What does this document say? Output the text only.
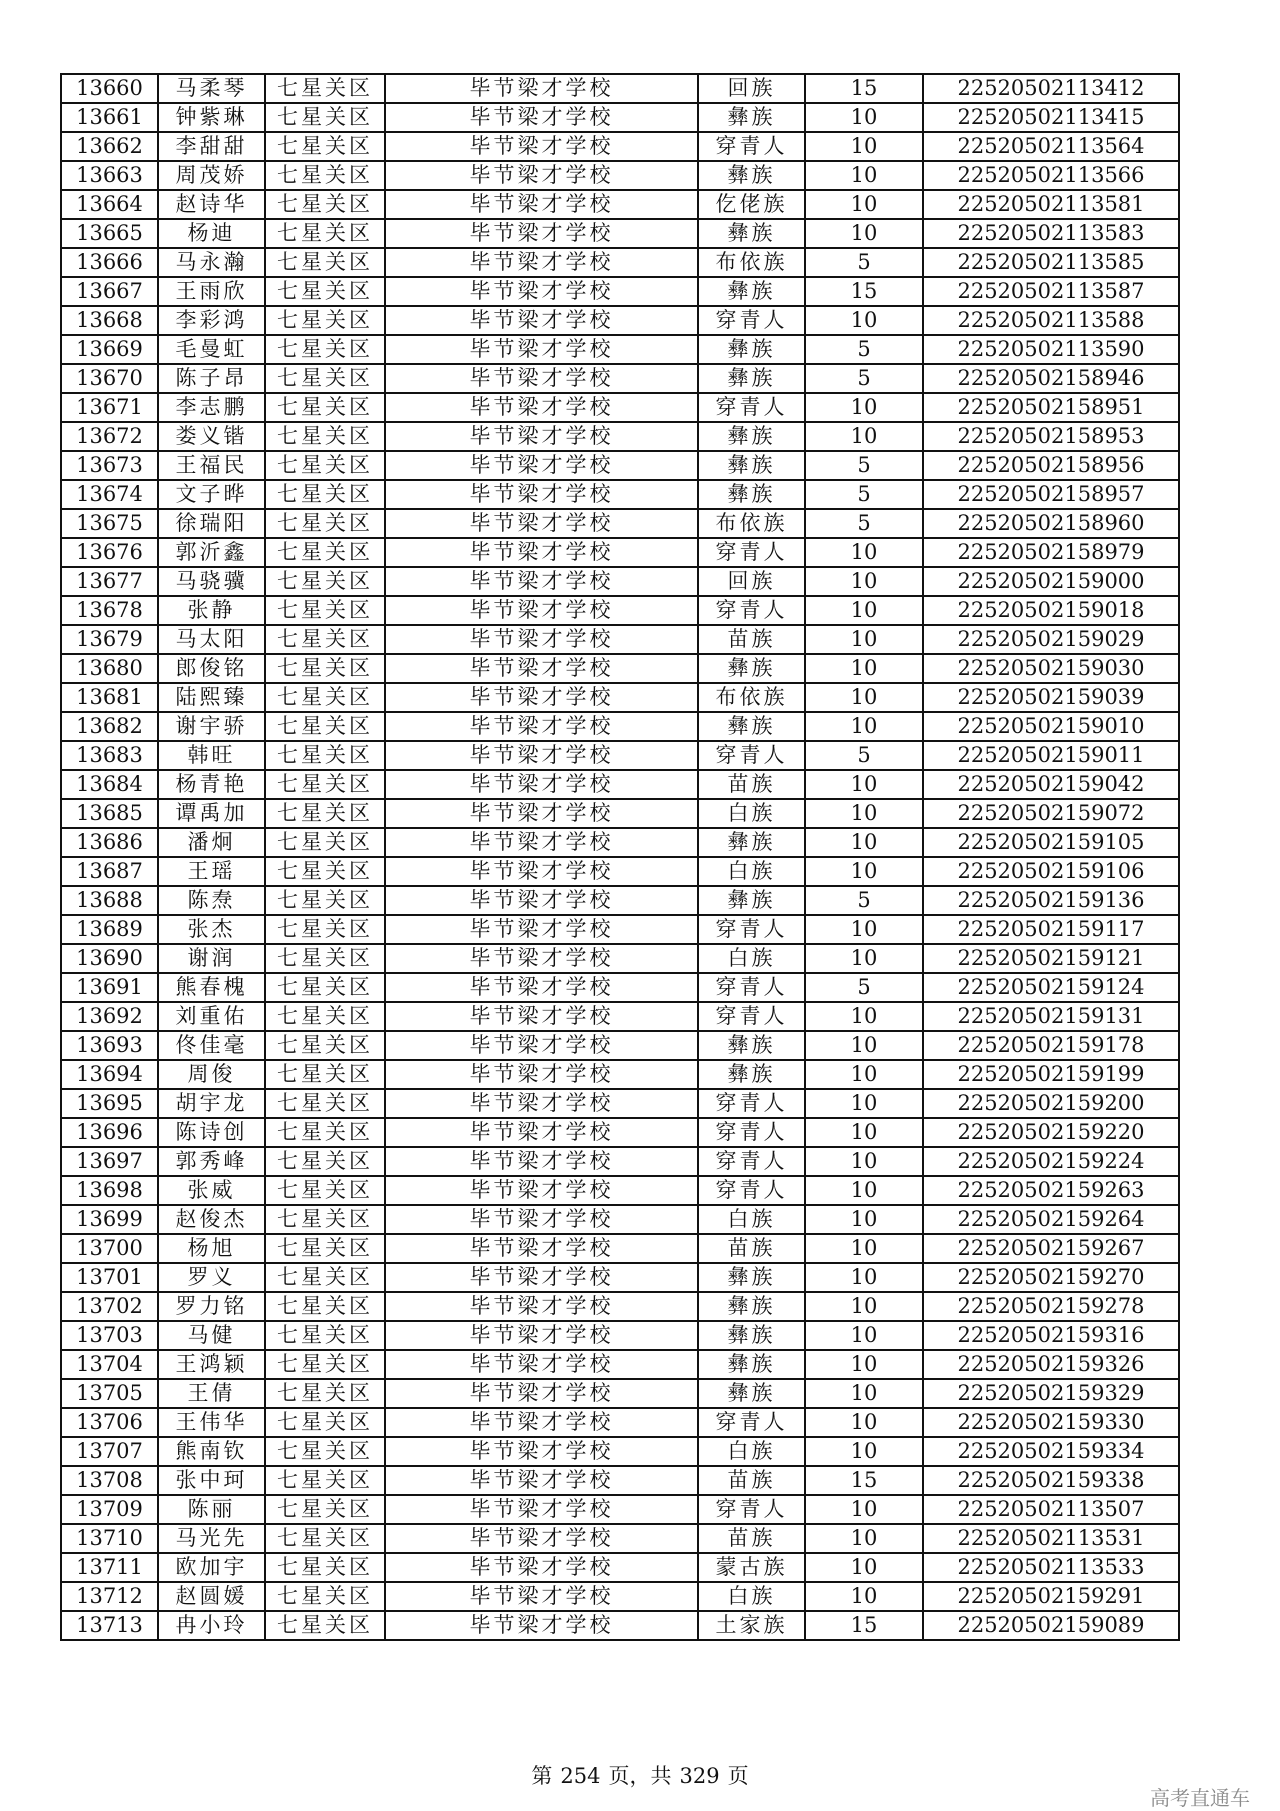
13660	马柔琴	七星关区	毕节梁才学校	回族	15	22520502113412
13661	钟紫琳	七星关区	毕节梁才学校	彝族	10	22520502113415
13662	李甜甜	七星关区	毕节梁才学校	穿青人	10	22520502113564
13663	周茂娇	七星关区	毕节梁才学校	彝族	10	22520502113566
13664	赵诗华	七星关区	毕节梁才学校	仡佬族	10	22520502113581
13665	杨迪	七星关区	毕节梁才学校	彝族	10	22520502113583
13666	马永瀚	七星关区	毕节梁才学校	布依族	5	22520502113585
13667	王雨欣	七星关区	毕节梁才学校	彝族	15	22520502113587
13668	李彩鸿	七星关区	毕节梁才学校	穿青人	10	22520502113588
13669	毛曼虹	七星关区	毕节梁才学校	彝族	5	22520502113590
13670	陈子昂	七星关区	毕节梁才学校	彝族	5	22520502158946
13671	李志鹏	七星关区	毕节梁才学校	穿青人	10	22520502158951
13672	娄义锴	七星关区	毕节梁才学校	彝族	10	22520502158953
13673	王福民	七星关区	毕节梁才学校	彝族	5	22520502158956
13674	文子晔	七星关区	毕节梁才学校	彝族	5	22520502158957
13675	徐瑞阳	七星关区	毕节梁才学校	布依族	5	22520502158960
13676	郭沂鑫	七星关区	毕节梁才学校	穿青人	10	22520502158979
13677	马骁骥	七星关区	毕节梁才学校	回族	10	22520502159000
13678	张静	七星关区	毕节梁才学校	穿青人	10	22520502159018
13679	马太阳	七星关区	毕节梁才学校	苗族	10	22520502159029
13680	郎俊铭	七星关区	毕节梁才学校	彝族	10	22520502159030
13681	陆熙臻	七星关区	毕节梁才学校	布依族	10	22520502159039
13682	谢宇骄	七星关区	毕节梁才学校	彝族	10	22520502159010
13683	韩旺	七星关区	毕节梁才学校	穿青人	5	22520502159011
13684	杨青艳	七星关区	毕节梁才学校	苗族	10	22520502159042
13685	谭禹加	七星关区	毕节梁才学校	白族	10	22520502159072
13686	潘炯	七星关区	毕节梁才学校	彝族	10	22520502159105
13687	王瑶	七星关区	毕节梁才学校	白族	10	22520502159106
13688	陈焘	七星关区	毕节梁才学校	彝族	5	22520502159136
13689	张杰	七星关区	毕节梁才学校	穿青人	10	22520502159117
13690	谢润	七星关区	毕节梁才学校	白族	10	22520502159121
13691	熊春槐	七星关区	毕节梁才学校	穿青人	5	22520502159124
13692	刘重佑	七星关区	毕节梁才学校	穿青人	10	22520502159131
13693	佟佳毫	七星关区	毕节梁才学校	彝族	10	22520502159178
13694	周俊	七星关区	毕节梁才学校	彝族	10	22520502159199
13695	胡宇龙	七星关区	毕节梁才学校	穿青人	10	22520502159200
13696	陈诗创	七星关区	毕节梁才学校	穿青人	10	22520502159220
13697	郭秀峰	七星关区	毕节梁才学校	穿青人	10	22520502159224
13698	张威	七星关区	毕节梁才学校	穿青人	10	22520502159263
13699	赵俊杰	七星关区	毕节梁才学校	白族	10	22520502159264
13700	杨旭	七星关区	毕节梁才学校	苗族	10	22520502159267
13701	罗义	七星关区	毕节梁才学校	彝族	10	22520502159270
13702	罗力铭	七星关区	毕节梁才学校	彝族	10	22520502159278
13703	马健	七星关区	毕节梁才学校	彝族	10	22520502159316
13704	王鸿颖	七星关区	毕节梁才学校	彝族	10	22520502159326
13705	王倩	七星关区	毕节梁才学校	彝族	10	22520502159329
13706	王伟华	七星关区	毕节梁才学校	穿青人	10	22520502159330
13707	熊南钦	七星关区	毕节梁才学校	白族	10	22520502159334
13708	张中珂	七星关区	毕节梁才学校	苗族	15	22520502159338
13709	陈丽	七星关区	毕节梁才学校	穿青人	10	22520502113507
13710	马光先	七星关区	毕节梁才学校	苗族	10	22520502113531
13711	欧加宇	七星关区	毕节梁才学校	蒙古族	10	22520502113533
13712	赵圆媛	七星关区	毕节梁才学校	白族	10	22520502159291
13713	冉小玲	七星关区	毕节梁才学校	土家族	15	22520502159089
第 254 页，共 329 页
高考直通车
